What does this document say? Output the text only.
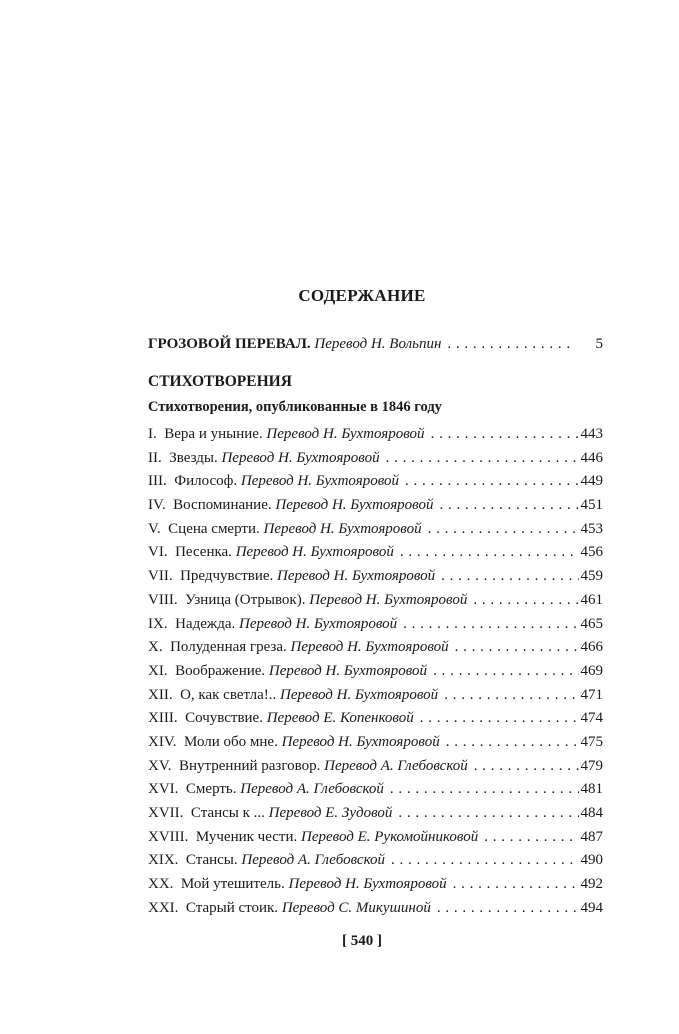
СОДЕРЖАНИЕ
ГРОЗОВОЙ ПЕРЕВАЛ. Перевод Н. Вольпин . . .	5
СТИХОТВОРЕНИЯ
Стихотворения, опубликованные в 1846 году
I. Вера и уныние. Перевод Н. Бухтояровой . . .	443
II. Звезды. Перевод Н. Бухтояровой . . .	446
III. Философ. Перевод Н. Бухтояровой . . .	449
IV. Воспоминание. Перевод Н. Бухтояровой . . .	451
V. Сцена смерти. Перевод Н. Бухтояровой . . .	453
VI. Песенка. Перевод Н. Бухтояровой . . .	456
VII. Предчувствие. Перевод Н. Бухтояровой . . .	459
VIII. Узница (Отрывок). Перевод Н. Бухтояровой . . .	461
IX. Надежда. Перевод Н. Бухтояровой . . .	465
X. Полуденная греза. Перевод Н. Бухтояровой . . .	466
XI. Воображение. Перевод Н. Бухтояровой . . .	469
XII. О, как светла!.. Перевод Н. Бухтояровой . . .	471
XIII. Сочувствие. Перевод Е. Копенковой . . .	474
XIV. Моли обо мне. Перевод Н. Бухтояровой . . .	475
XV. Внутренний разговор. Перевод А. Глебовской . . .	479
XVI. Смерть. Перевод А. Глебовской . . .	481
XVII. Стансы к ... Перевод Е. Зудовой . . .	484
XVIII. Мученик чести. Перевод Е. Рукомойниковой . . .	487
XIX. Стансы. Перевод А. Глебовской . . .	490
XX. Мой утешитель. Перевод Н. Бухтояровой . . .	492
XXI. Старый стоик. Перевод С. Микушиной . . .	494
[ 540 ]
